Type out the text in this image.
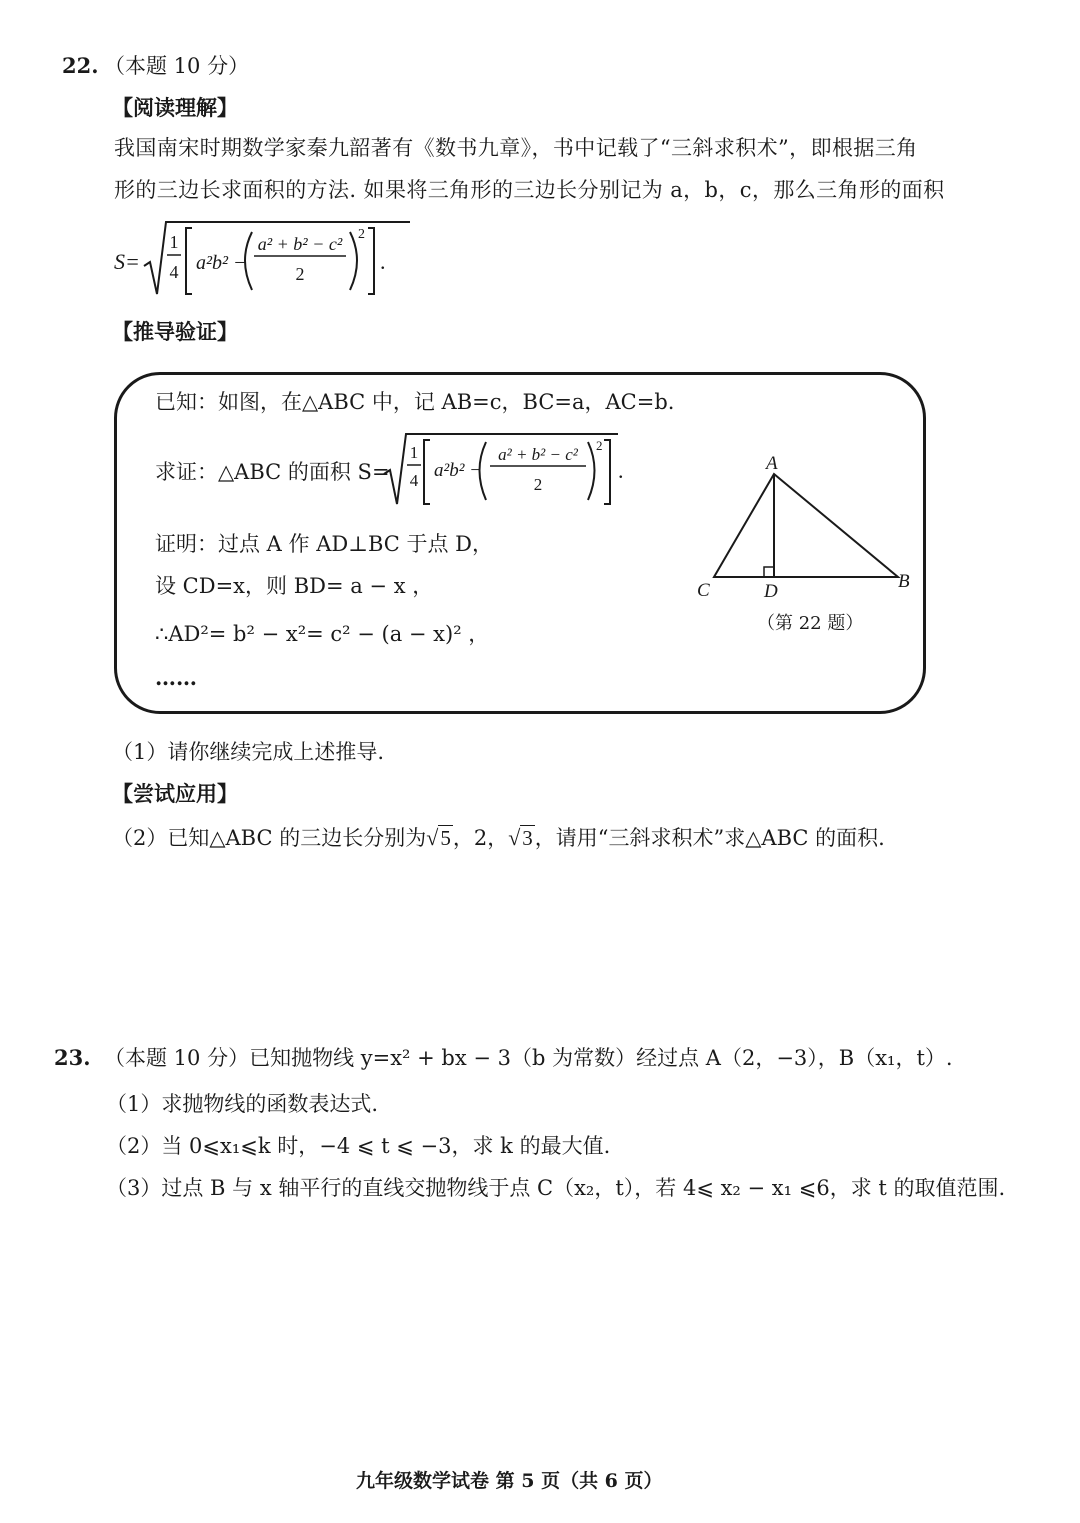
22. （本题 10 分）
【阅读理解】
我国南宋时期数学家秦九韶著有《数书九章》，书中记载了“三斜求积术”，即根据三角
形的三边长求面积的方法. 如果将三角形的三边长分别记为 a，b，c，那么三角形的面积
S=
1
4 a²b² −
a² + b² − c²
2
2
.
【推导验证】
已知：如图，在△ABC 中，记 AB=c，BC=a，AC=b.
求证：△ABC 的面积 S=
1
4 a²b² −
a² + b² − c²
2
2
.
证明：过点 A 作 AD⊥BC 于点 D，
设 CD=x，则 BD= a − x ，
∴AD²= b² − x²= c² − (a − x)² ，
……
A
C	D	B
（第 22 题）
（1）请你继续完成上述推导.
【尝试应用】
（2）已知△ABC 的三边长分别为√5，2，√3，请用“三斜求积术”求△ABC 的面积.
23. （本题 10 分）已知抛物线 y=x² + bx − 3（b 为常数）经过点 A（2，−3），B（x₁，t）.
（1）求抛物线的函数表达式.
（2）当 0⩽x₁⩽k 时，−4 ⩽ t ⩽ −3，求 k 的最大值.
（3）过点 B 与 x 轴平行的直线交抛物线于点 C（x₂，t），若 4⩽ x₂ − x₁ ⩽6，求 t 的取值范围.
九年级数学试卷 第 5 页（共 6 页）
